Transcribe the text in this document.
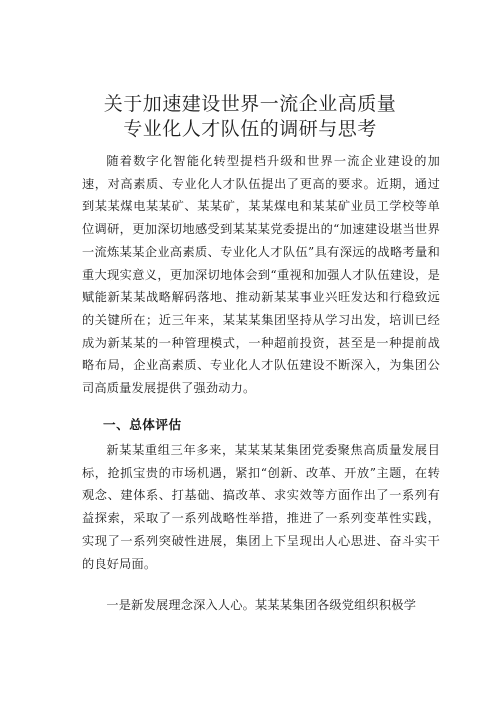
关于加速建设世界一流企业高质量
专业化人才队伍的调研与思考

随着数字化智能化转型提档升级和世界一流企业建设的加速，对高素质、专业化人才队伍提出了更高的要求。近期，通过到某某煤电某某矿、某某矿，某某煤电和某某矿业员工学校等单位调研，更加深切地感受到某某某党委提出的“加速建设堪当世界一流炼某某企业高素质、专业化人才队伍”具有深远的战略考量和重大现实意义，更加深切地体会到“重视和加强人才队伍建设，是赋能新某某战略解码落地、推动新某某事业兴旺发达和行稳致远的关键所在；近三年来，某某某集团坚持从学习出发，培训已经成为新某某的一种管理模式，一种超前投资，甚至是一种提前战略布局，企业高素质、专业化人才队伍建设不断深入，为集团公司高质量发展提供了强劲动力。

一、总体评估

新某某重组三年多来，某某某某集团党委聚焦高质量发展目标，抢抓宝贵的市场机遇，紧扣“创新、改革、开放”主题，在转观念、建体系、打基础、搞改革、求实效等方面作出了一系列有益探索，采取了一系列战略性举措，推进了一系列变革性实践，实现了一系列突破性进展，集团上下呈现出人心思进、奋斗实干的良好局面。

一是新发展理念深入人心。某某某集团各级党组织积极学
